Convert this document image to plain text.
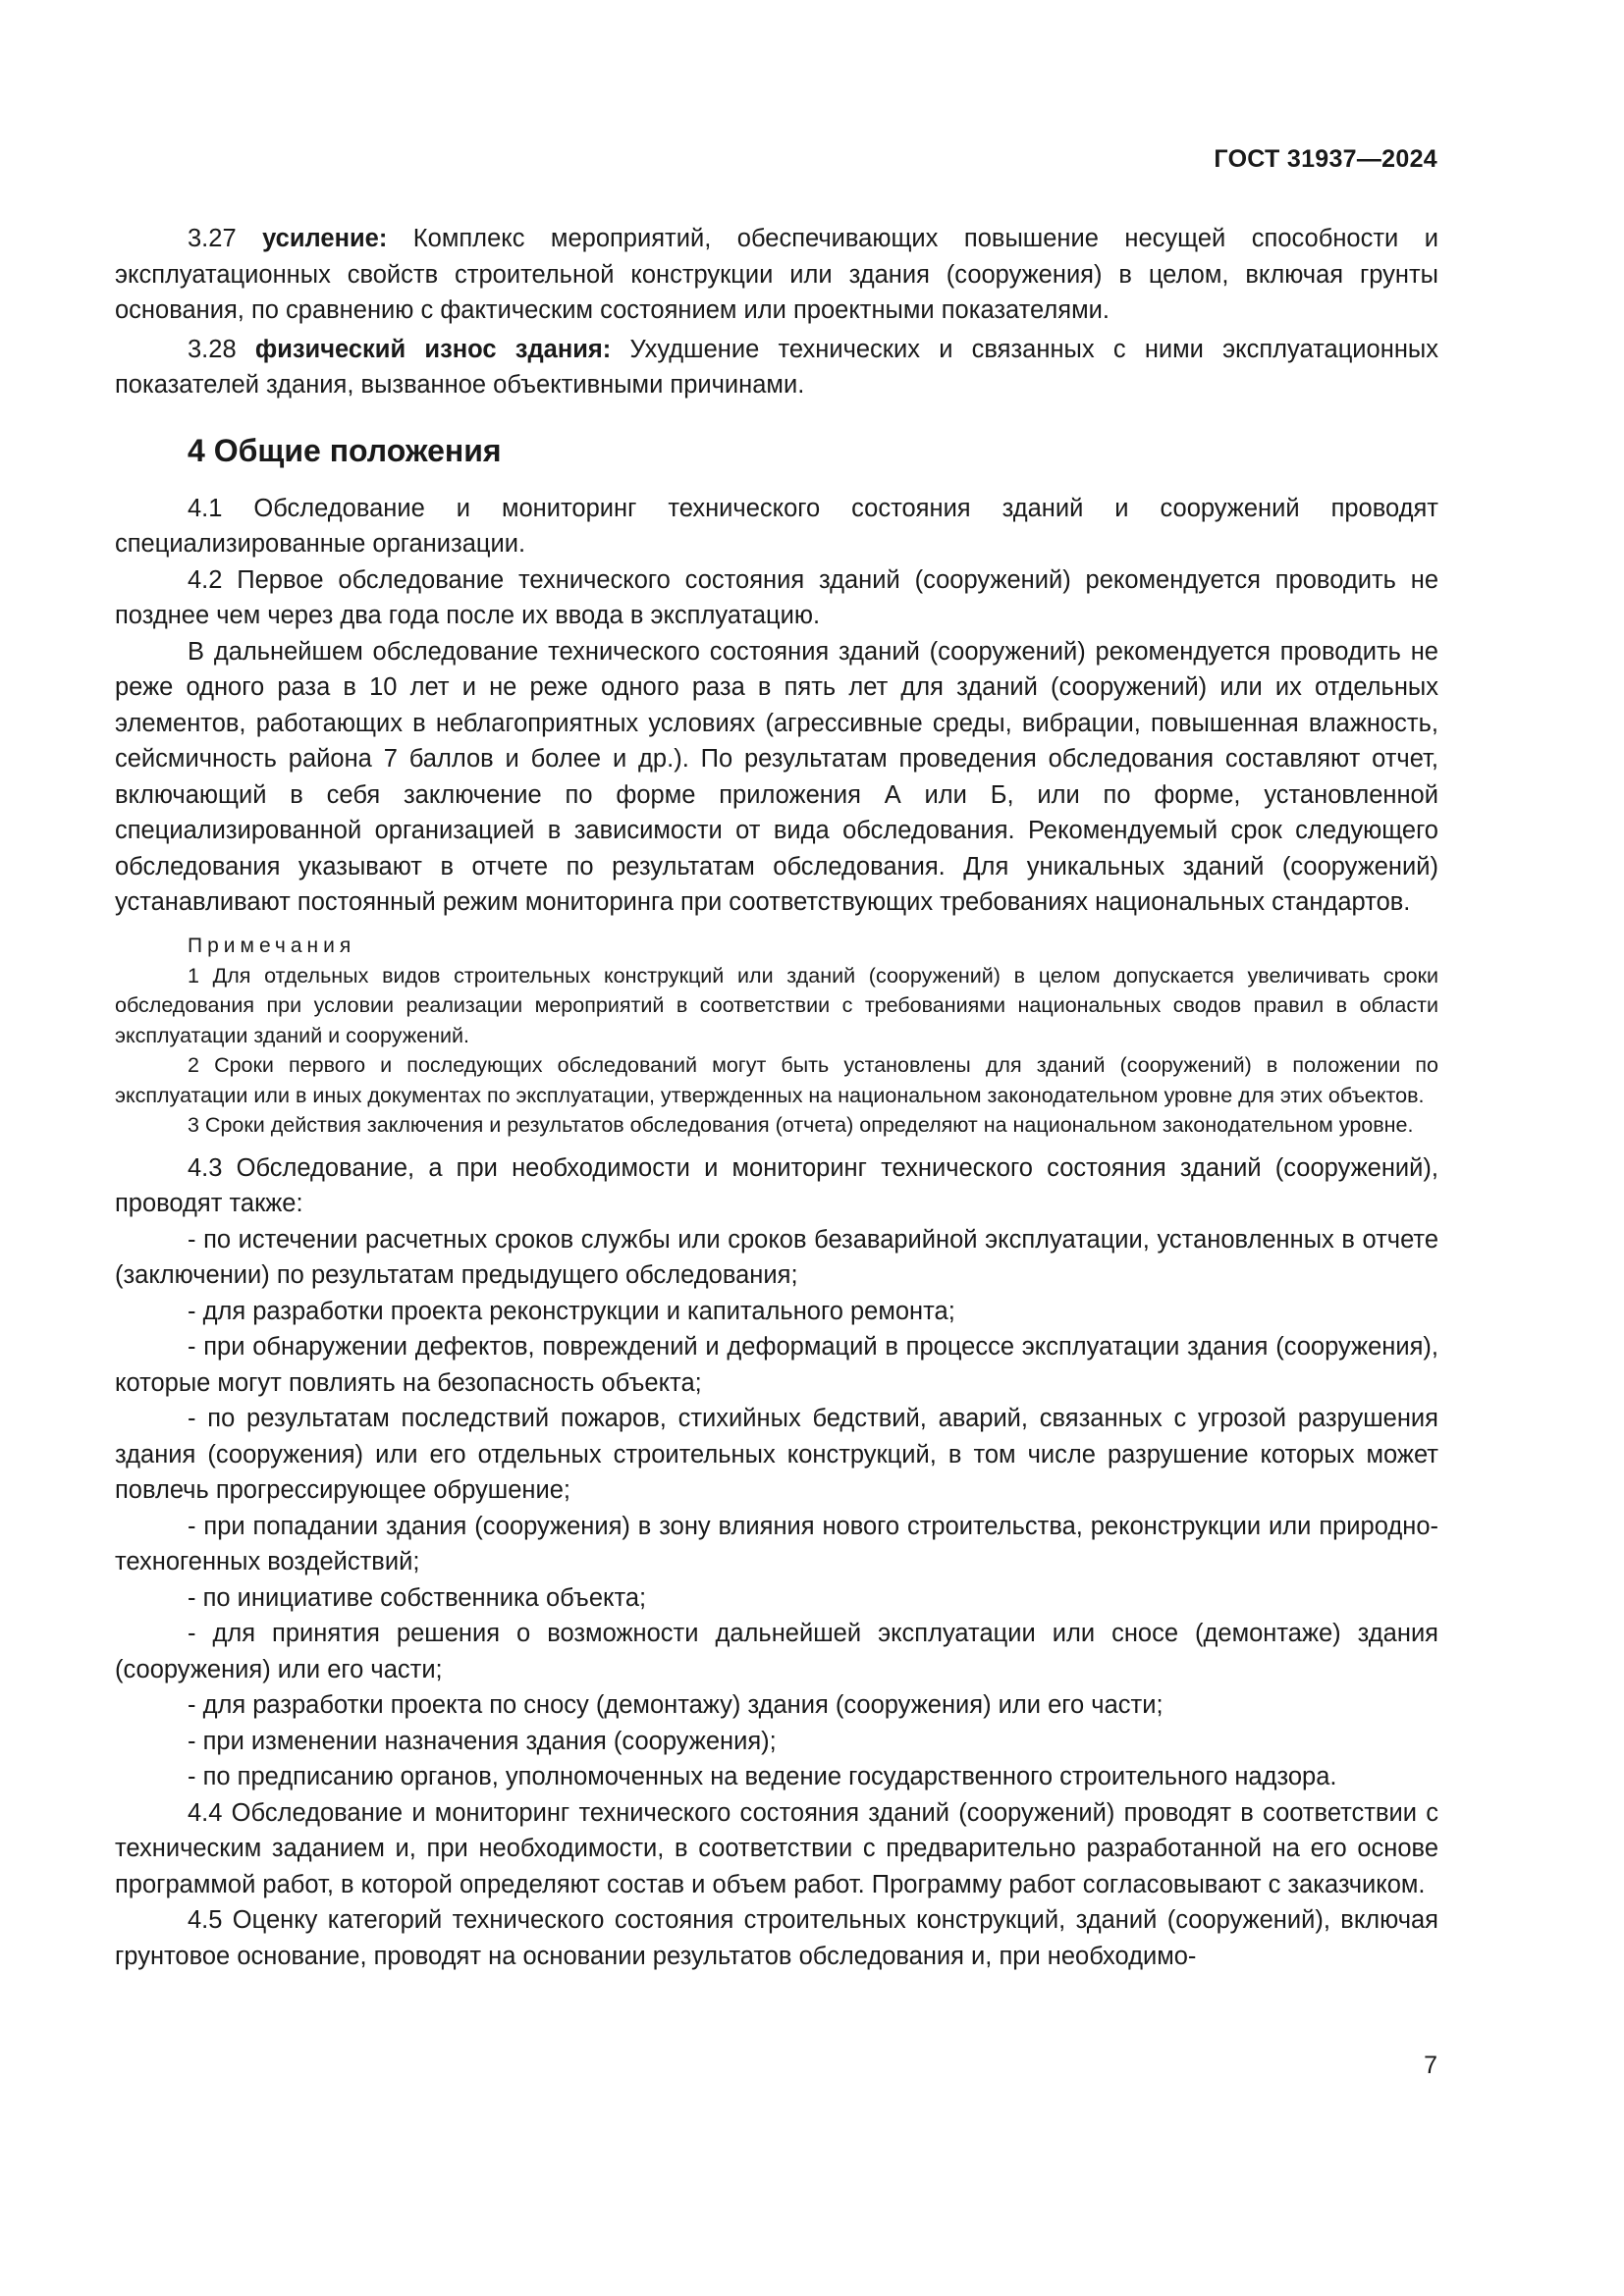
ГОСТ 31937—2024

3.27 усиление: Комплекс мероприятий, обеспечивающих повышение несущей способности и эксплуатационных свойств строительной конструкции или здания (сооружения) в целом, включая грунты основания, по сравнению с фактическим состоянием или проектными показателями.

3.28 физический износ здания: Ухудшение технических и связанных с ними эксплуатационных показателей здания, вызванное объективными причинами.

4 Общие положения

4.1 Обследование и мониторинг технического состояния зданий и сооружений проводят специализированные организации.

4.2 Первое обследование технического состояния зданий (сооружений) рекомендуется проводить не позднее чем через два года после их ввода в эксплуатацию.

В дальнейшем обследование технического состояния зданий (сооружений) рекомендуется проводить не реже одного раза в 10 лет и не реже одного раза в пять лет для зданий (сооружений) или их отдельных элементов, работающих в неблагоприятных условиях (агрессивные среды, вибрации, повышенная влажность, сейсмичность района 7 баллов и более и др.). По результатам проведения обследования составляют отчет, включающий в себя заключение по форме приложения А или Б, или по форме, установленной специализированной организацией в зависимости от вида обследования. Рекомендуемый срок следующего обследования указывают в отчете по результатам обследования. Для уникальных зданий (сооружений) устанавливают постоянный режим мониторинга при соответствующих требованиях национальных стандартов.

Примечания
1 Для отдельных видов строительных конструкций или зданий (сооружений) в целом допускается увеличивать сроки обследования при условии реализации мероприятий в соответствии с требованиями национальных сводов правил в области эксплуатации зданий и сооружений.
2 Сроки первого и последующих обследований могут быть установлены для зданий (сооружений) в положении по эксплуатации или в иных документах по эксплуатации, утвержденных на национальном законодательном уровне для этих объектов.
3 Сроки действия заключения и результатов обследования (отчета) определяют на национальном законодательном уровне.

4.3 Обследование, а при необходимости и мониторинг технического состояния зданий (сооружений), проводят также:

- по истечении расчетных сроков службы или сроков безаварийной эксплуатации, установленных в отчете (заключении) по результатам предыдущего обследования;

- для разработки проекта реконструкции и капитального ремонта;

- при обнаружении дефектов, повреждений и деформаций в процессе эксплуатации здания (сооружения), которые могут повлиять на безопасность объекта;

- по результатам последствий пожаров, стихийных бедствий, аварий, связанных с угрозой разрушения здания (сооружения) или его отдельных строительных конструкций, в том числе разрушение которых может повлечь прогрессирующее обрушение;

- при попадании здания (сооружения) в зону влияния нового строительства, реконструкции или природно-техногенных воздействий;

- по инициативе собственника объекта;

- для принятия решения о возможности дальнейшей эксплуатации или сносе (демонтаже) здания (сооружения) или его части;

- для разработки проекта по сносу (демонтажу) здания (сооружения) или его части;

- при изменении назначения здания (сооружения);

- по предписанию органов, уполномоченных на ведение государственного строительного надзора.

4.4 Обследование и мониторинг технического состояния зданий (сооружений) проводят в соответствии с техническим заданием и, при необходимости, в соответствии с предварительно разработанной на его основе программой работ, в которой определяют состав и объем работ. Программу работ согласовывают с заказчиком.

4.5 Оценку категорий технического состояния строительных конструкций, зданий (сооружений), включая грунтовое основание, проводят на основании результатов обследования и, при необходимо-

7
